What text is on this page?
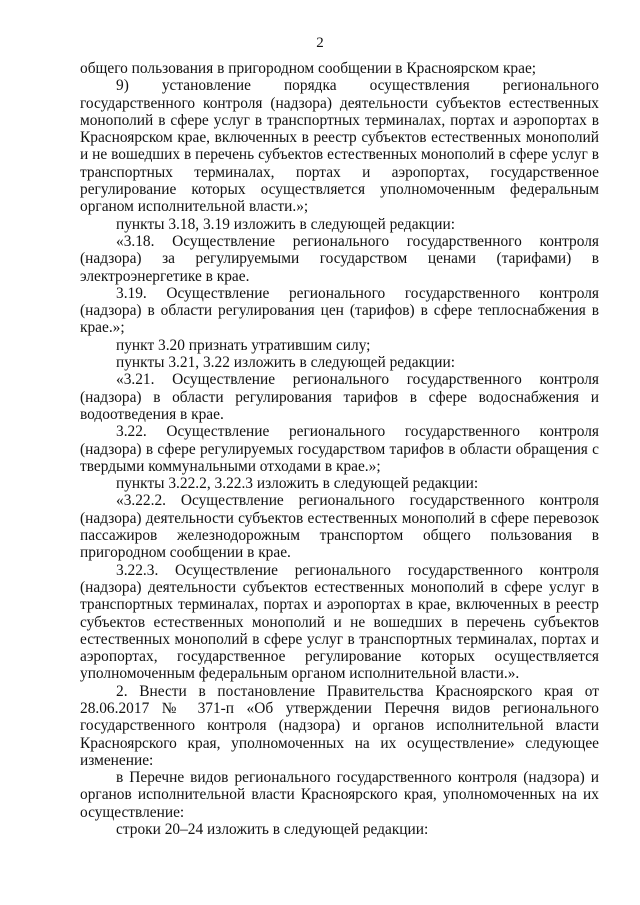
2

общего пользования в пригородном сообщении в Красноярском крае;

9) установление порядка осуществления регионального государственного контроля (надзора) деятельности субъектов естественных монополий в сфере услуг в транспортных терминалах, портах и аэропортах в Красноярском крае, включенных в реестр субъектов естественных монополий и не вошедших в перечень субъектов естественных монополий в сфере услуг в транспортных терминалах, портах и аэропортах, государственное регулирование которых осуществляется уполномоченным федеральным органом исполнительной власти.»;

пункты 3.18, 3.19 изложить в следующей редакции:

«3.18. Осуществление регионального государственного контроля (надзора) за регулируемыми государством ценами (тарифами) в электроэнергетике в крае.

3.19. Осуществление регионального государственного контроля (надзора) в области регулирования цен (тарифов) в сфере теплоснабжения в крае.»;

пункт 3.20 признать утратившим силу;

пункты 3.21, 3.22 изложить в следующей редакции:

«3.21. Осуществление регионального государственного контроля (надзора) в области регулирования тарифов в сфере водоснабжения и водоотведения в крае.

3.22. Осуществление регионального государственного контроля (надзора) в сфере регулируемых государством тарифов в области обращения с твердыми коммунальными отходами в крае.»;

пункты 3.22.2, 3.22.3 изложить в следующей редакции:

«3.22.2. Осуществление регионального государственного контроля (надзора) деятельности субъектов естественных монополий в сфере перевозок пассажиров железнодорожным транспортом общего пользования в пригородном сообщении в крае.

3.22.3. Осуществление регионального государственного контроля (надзора) деятельности субъектов естественных монополий в сфере услуг в транспортных терминалах, портах и аэропортах в крае, включенных в реестр субъектов естественных монополий и не вошедших в перечень субъектов естественных монополий в сфере услуг в транспортных терминалах, портах и аэропортах, государственное регулирование которых осуществляется уполномоченным федеральным органом исполнительной власти.».

2. Внести в постановление Правительства Красноярского края от 28.06.2017 № 371-п «Об утверждении Перечня видов регионального государственного контроля (надзора) и органов исполнительной власти Красноярского края, уполномоченных на их осуществление» следующее изменение:

в Перечне видов регионального государственного контроля (надзора) и органов исполнительной власти Красноярского края, уполномоченных на их осуществление:

строки 20–24 изложить в следующей редакции:
